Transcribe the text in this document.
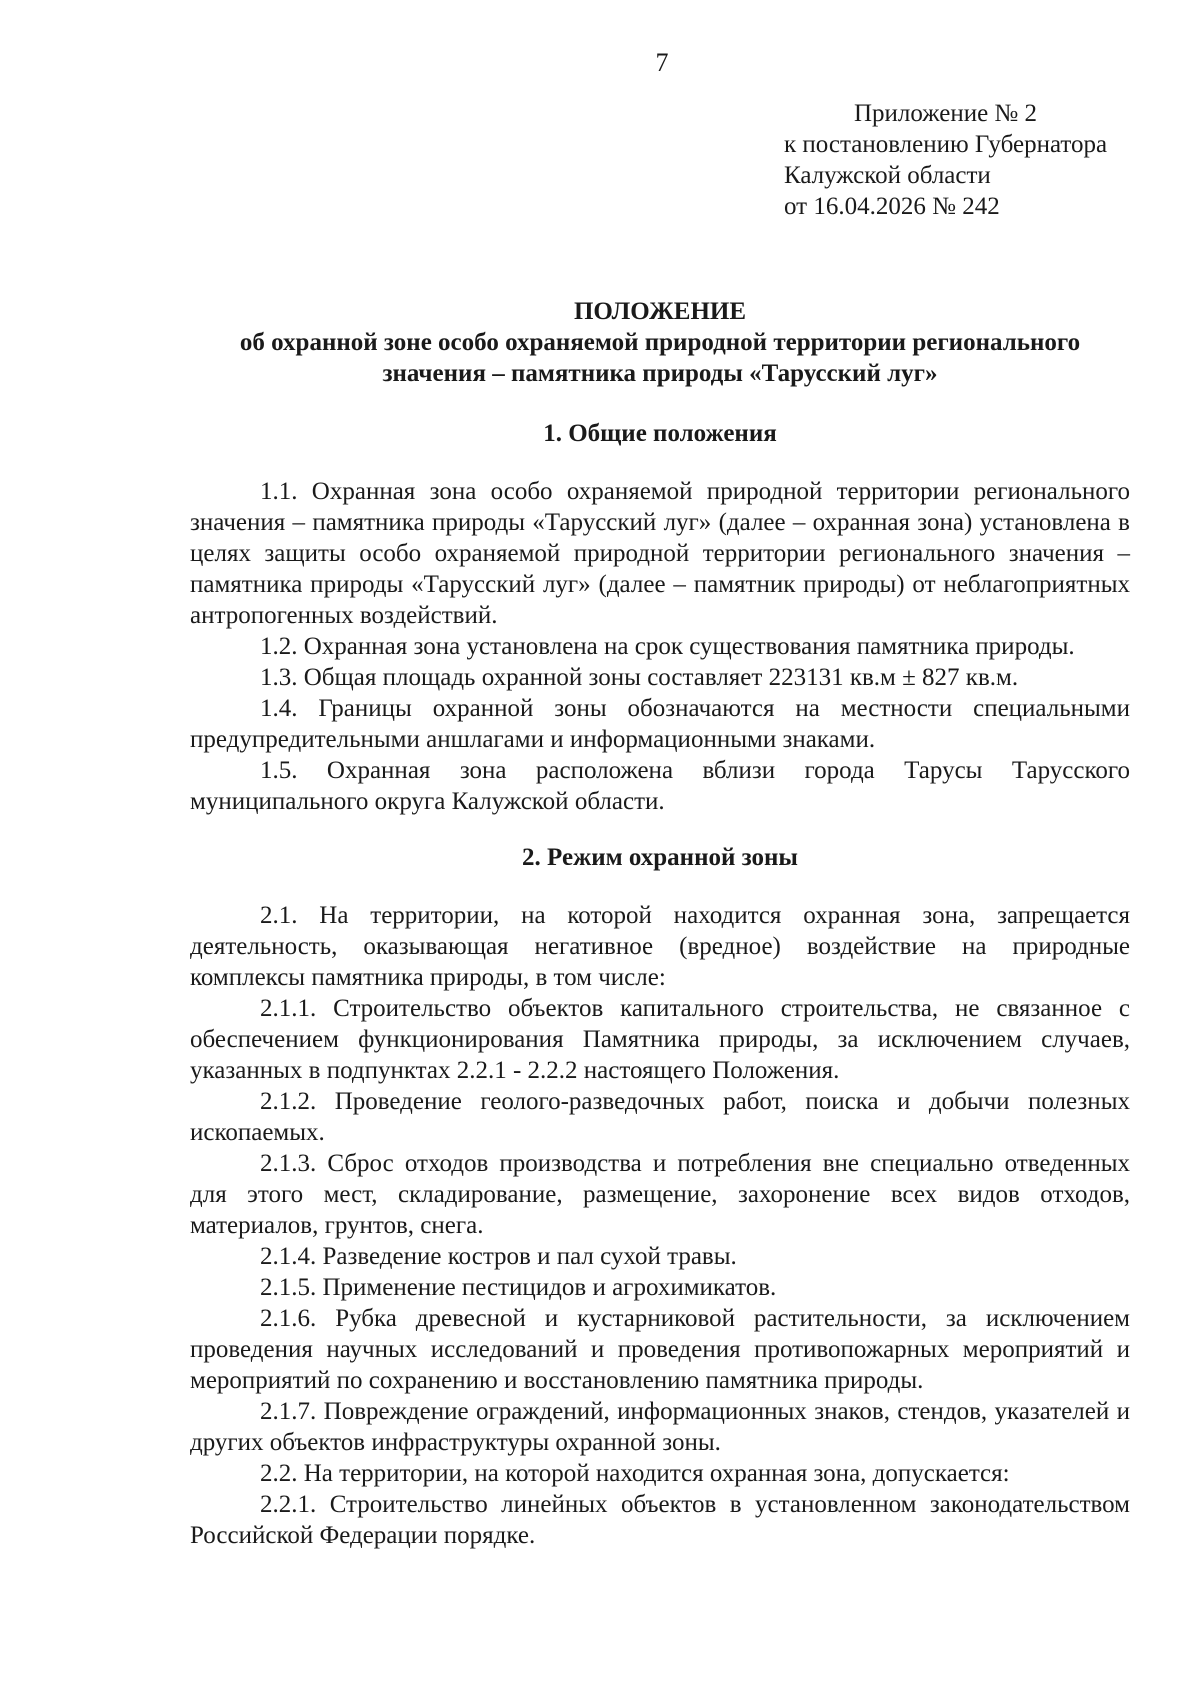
7
Приложение № 2
к постановлению Губернатора
Калужской области
от 16.04.2026 № 242
ПОЛОЖЕНИЕ
об охранной зоне особо охраняемой природной территории регионального
значения – памятника природы «Тарусский луг»
1. Общие положения

1.1. Охранная зона особо охраняемой природной территории регионального значения – памятника природы «Тарусский луг» (далее – охранная зона) установлена в целях защиты особо охраняемой природной территории регионального значения – памятника природы «Тарусский луг» (далее – памятник природы) от неблагоприятных антропогенных воздействий.

1.2. Охранная зона установлена на срок существования памятника природы.

1.3. Общая площадь охранной зоны составляет 223131 кв.м ± 827 кв.м.

1.4. Границы охранной зоны обозначаются на местности специальными предупредительными аншлагами и информационными знаками.

1.5. Охранная зона расположена вблизи города Тарусы Тарусского муниципального округа Калужской области.

2. Режим охранной зоны

2.1. На территории, на которой находится охранная зона, запрещается деятельность, оказывающая негативное (вредное) воздействие на природные комплексы памятника природы, в том числе:

2.1.1. Строительство объектов капитального строительства, не связанное с обеспечением функционирования Памятника природы, за исключением случаев, указанных в подпунктах 2.2.1 - 2.2.2 настоящего Положения.

2.1.2. Проведение геолого-разведочных работ, поиска и добычи полезных ископаемых.

2.1.3. Сброс отходов производства и потребления вне специально отведенных для этого мест, складирование, размещение, захоронение всех видов отходов, материалов, грунтов, снега.

2.1.4. Разведение костров и пал сухой травы.

2.1.5. Применение пестицидов и агрохимикатов.

2.1.6. Рубка древесной и кустарниковой растительности, за исключением проведения научных исследований и проведения противопожарных мероприятий и мероприятий по сохранению и восстановлению памятника природы.

2.1.7. Повреждение ограждений, информационных знаков, стендов, указателей и других объектов инфраструктуры охранной зоны.

2.2. На территории, на которой находится охранная зона, допускается:

2.2.1. Строительство линейных объектов в установленном законодательством Российской Федерации порядке.
